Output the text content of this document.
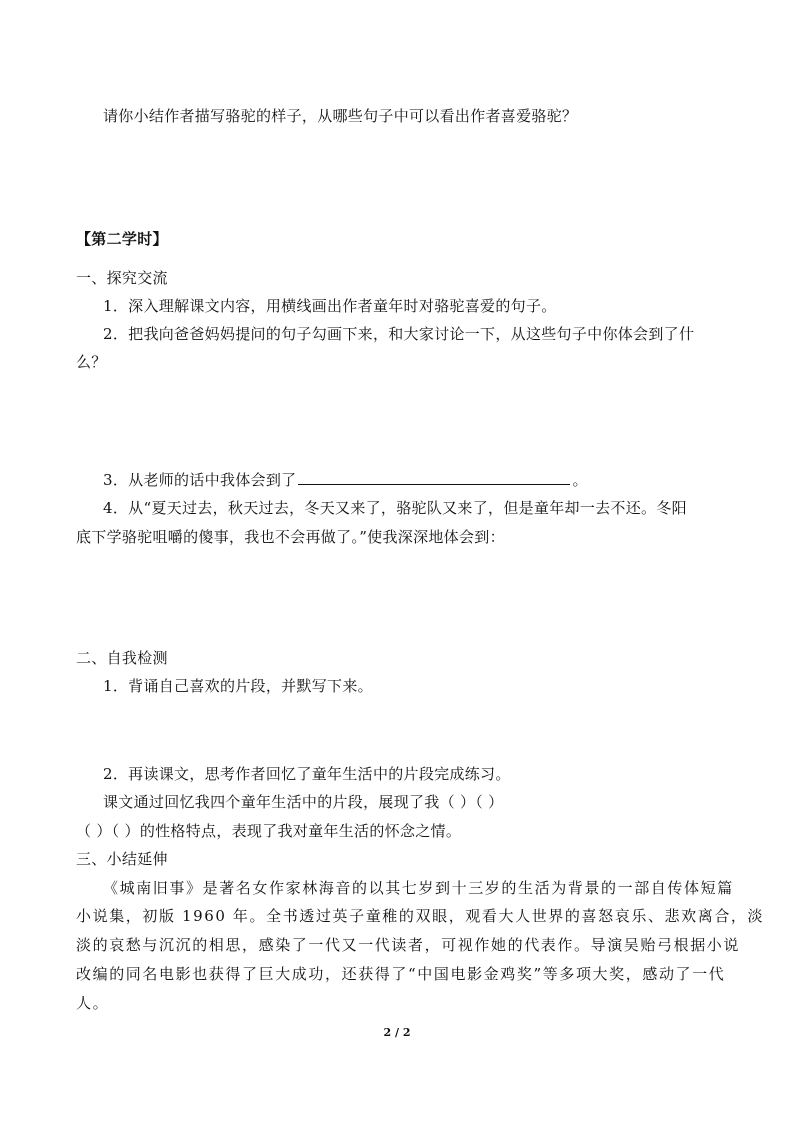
请你小结作者描写骆驼的样子，从哪些句子中可以看出作者喜爱骆驼？
【第二学时】
一、探究交流
1．深入理解课文内容，用横线画出作者童年时对骆驼喜爱的句子。
2．把我向爸爸妈妈提问的句子勾画下来，和大家讨论一下，从这些句子中你体会到了什
么？
3．从老师的话中我体会到了	。
4．从“夏天过去，秋天过去，冬天又来了，骆驼队又来了，但是童年却一去不还。冬阳
底下学骆驼咀嚼的傻事，我也不会再做了。”使我深深地体会到：
二、自我检测
1．背诵自己喜欢的片段，并默写下来。
2．再读课文，思考作者回忆了童年生活中的片段完成练习。
课文通过回忆我四个童年生活中的片段，展现了我（ ）（ ）
（ ）（ ）的性格特点，表现了我对童年生活的怀念之情。
三、小结延伸
《城南旧事》是著名女作家林海音的以其七岁到十三岁的生活为背景的一部自传体短篇
小说集，初版 1960 年。全书透过英子童稚的双眼，观看大人世界的喜怒哀乐、悲欢离合，淡
淡的哀愁与沉沉的相思，感染了一代又一代读者，可视作她的代表作。导演吴贻弓根据小说
改编的同名电影也获得了巨大成功，还获得了“中国电影金鸡奖”等多项大奖，感动了一代
人。
2 / 2
